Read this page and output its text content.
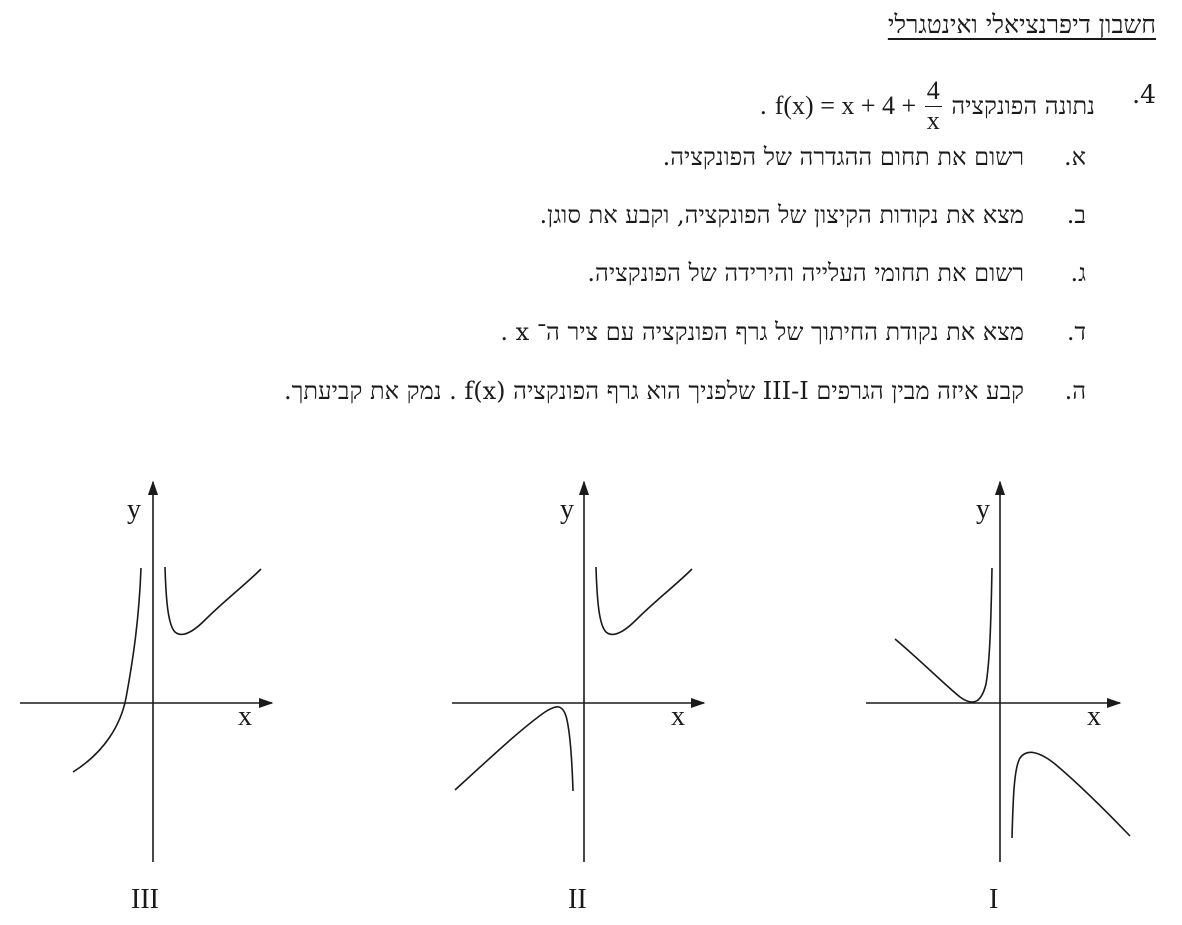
חשבון דיפרנציאלי ואינטגרלי
.4
נתונה הפונקציה $f(x) = x + 4 + \frac{4}{x}$
.
א.
רשום את תחום ההגדרה של הפונקציה.
ב.
מצא את נקודות הקיצון של הפונקציה, וקבע את סוגן.
ג.
רשום את תחומי העלייה והירידה של הפונקציה.
ד.
מצא את נקודת החיתוך של גרף הפונקציה עם ציר ה־ x .
ה.
קבע איזה מבין הגרפים III-I שלפניך הוא גרף הפונקציה f(x) . נמק את קביעתך.
x
y
III
x
y
II
x
y
I
